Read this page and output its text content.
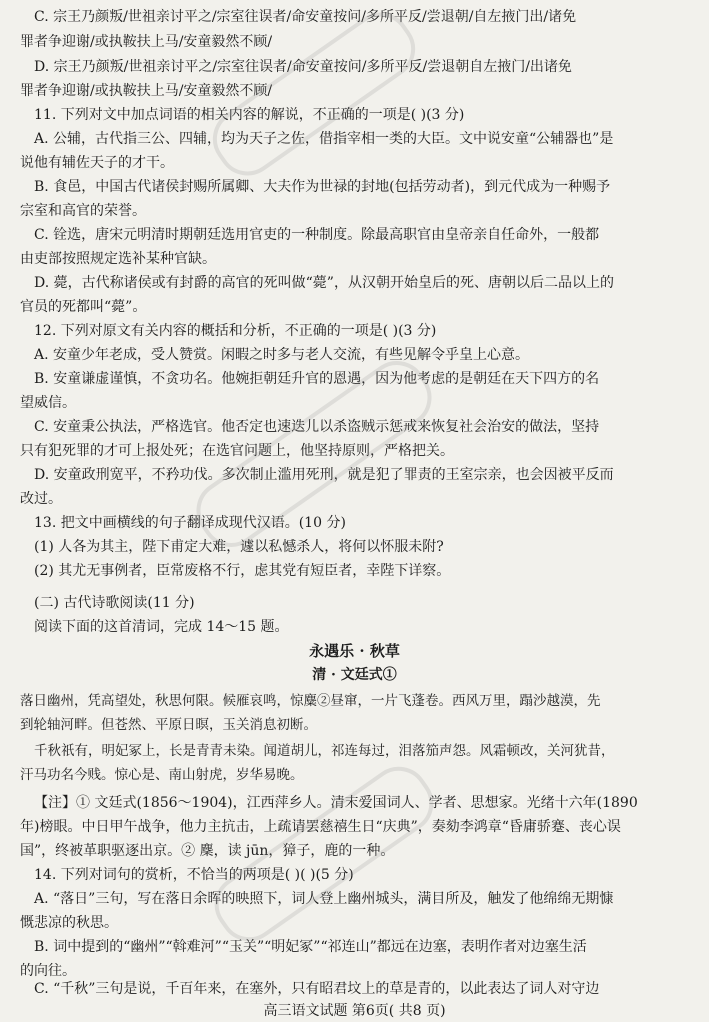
C. 宗王乃颜叛/世祖亲讨平之/宗室往误者/命安童按问/多所平反/尝退朝/自左掖门出/诸免
罪者争迎谢/或执鞍扶上马/安童毅然不顾/
D. 宗王乃颜叛/世祖亲讨平之/宗室往误者/命安童按问/多所平反/尝退朝自左掖门/出诸免
罪者争迎谢/或执鞍扶上马/安童毅然不顾/
11. 下列对文中加点词语的相关内容的解说，不正确的一项是( )(3 分)
A. 公辅，古代指三公、四辅，均为天子之佐，借指宰相一类的大臣。文中说安童“公辅器也”是
说他有辅佐天子的才干。
B. 食邑，中国古代诸侯封赐所属卿、大夫作为世禄的封地(包括劳动者)，到元代成为一种赐予
宗室和高官的荣誉。
C. 铨选，唐宋元明清时期朝廷选用官吏的一种制度。除最高职官由皇帝亲自任命外，一般都
由吏部按照规定选补某种官缺。
D. 薨，古代称诸侯或有封爵的高官的死叫做“薨”，从汉朝开始皇后的死、唐朝以后二品以上的
官员的死都叫“薨”。
12. 下列对原文有关内容的概括和分析，不正确的一项是( )(3 分)
A. 安童少年老成，受人赞赏。闲暇之时多与老人交流，有些见解令乎皇上心意。
B. 安童谦虚谨慎，不贪功名。他婉拒朝廷升官的恩遇，因为他考虑的是朝廷在天下四方的名
望威信。
C. 安童秉公执法，严格选官。他否定也速迭儿以杀盗贼示惩戒来恢复社会治安的做法，坚持
只有犯死罪的才可上报处死；在选官问题上，他坚持原则，严格把关。
D. 安童政刑宽平，不矜功伐。多次制止滥用死刑，就是犯了罪责的王室宗亲，也会因被平反而
改过。
13. 把文中画横线的句子翻译成现代汉语。(10 分)
(1) 人各为其主，陛下甫定大难，遽以私憾杀人，将何以怀服未附?
(2) 其尤无事例者，臣常废格不行，虑其党有短臣者，幸陛下详察。
(二) 古代诗歌阅读(11 分)
阅读下面的这首清词，完成 14～15 题。
永遇乐 · 秋草
清 · 文廷式①
落日幽州，凭高望处，秋思何限。候雁哀鸣，惊麋②昼窜，一片飞蓬卷。西风万里，蹋沙越漠，先
到轮轴河畔。但苍然、平原日暝，玉关消息初断。
千秋祇有，明妃冢上，长是青青未染。闻道胡儿，祁连每过，泪落笳声怨。风霜顿改，关河犹昔，
汗马功名今贱。惊心是、南山射虎，岁华易晚。
【注】① 文廷式(1856～1904)，江西萍乡人。清末爱国词人、学者、思想家。光绪十六年(1890
年)榜眼。中日甲午战争，他力主抗击，上疏请罢慈禧生日“庆典”，奏劾李鸿章“昏庸骄蹇、丧心误
国”，终被革职驱逐出京。② 麇，读 jūn，獐子，鹿的一种。
14. 下列对词句的赏析，不恰当的两项是( )( )(5 分)
A. “落日”三句，写在落日余晖的映照下，词人登上幽州城头，满目所及，触发了他绵绵无期慷
慨悲凉的秋思。
B. 词中提到的“幽州”“斡难河”“玉关”“明妃冢”“祁连山”都远在边塞，表明作者对边塞生活
的向往。
C. “千秋”三句是说，千百年来，在塞外，只有昭君坟上的草是青的，以此表达了词人对守边
高三语文试题 第6页( 共8 页)
